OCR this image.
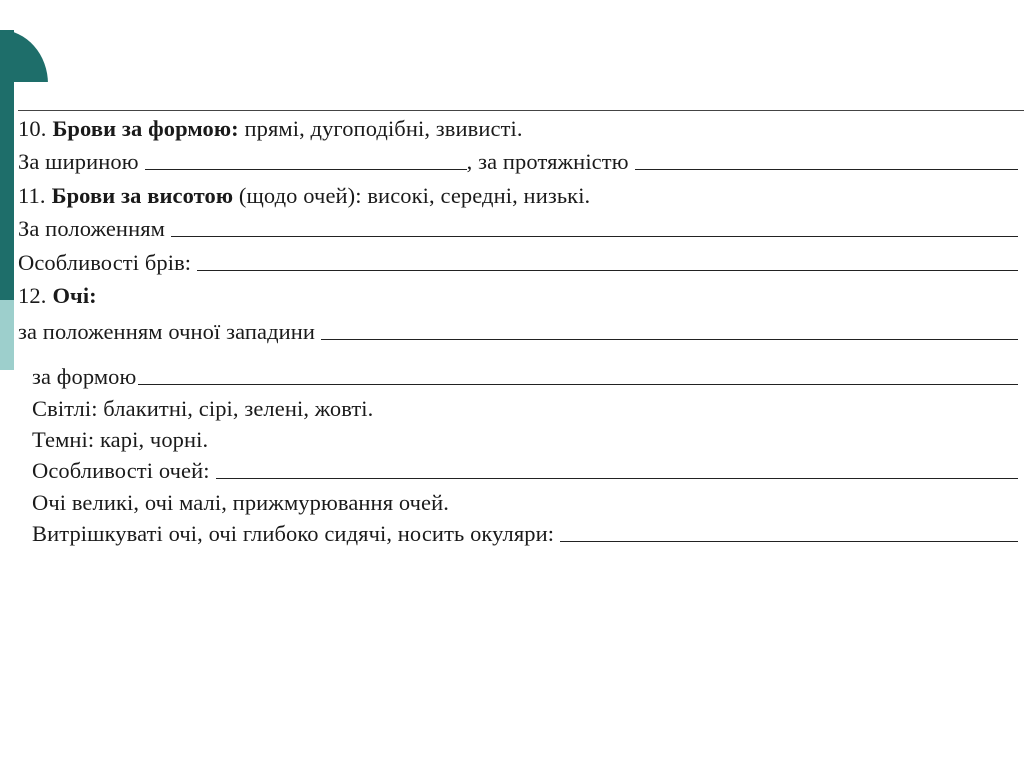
10. Брови за формою: прямі, дугоподібні, звивисті.
За шириною	, за протяжністю
11. Брови за висотою (щодо очей): високі, середні, низькі.
За положенням
Особливості брів:
12. Очі:
за положенням очної западини
за формою
Світлі: блакитні, сірі, зелені, жовті.
Темні: карі, чорні.
Особливості очей:
Очі великі, очі малі, прижмурювання очей.
Витрішкуваті очі, очі глибоко сидячі, носить окуляри:
